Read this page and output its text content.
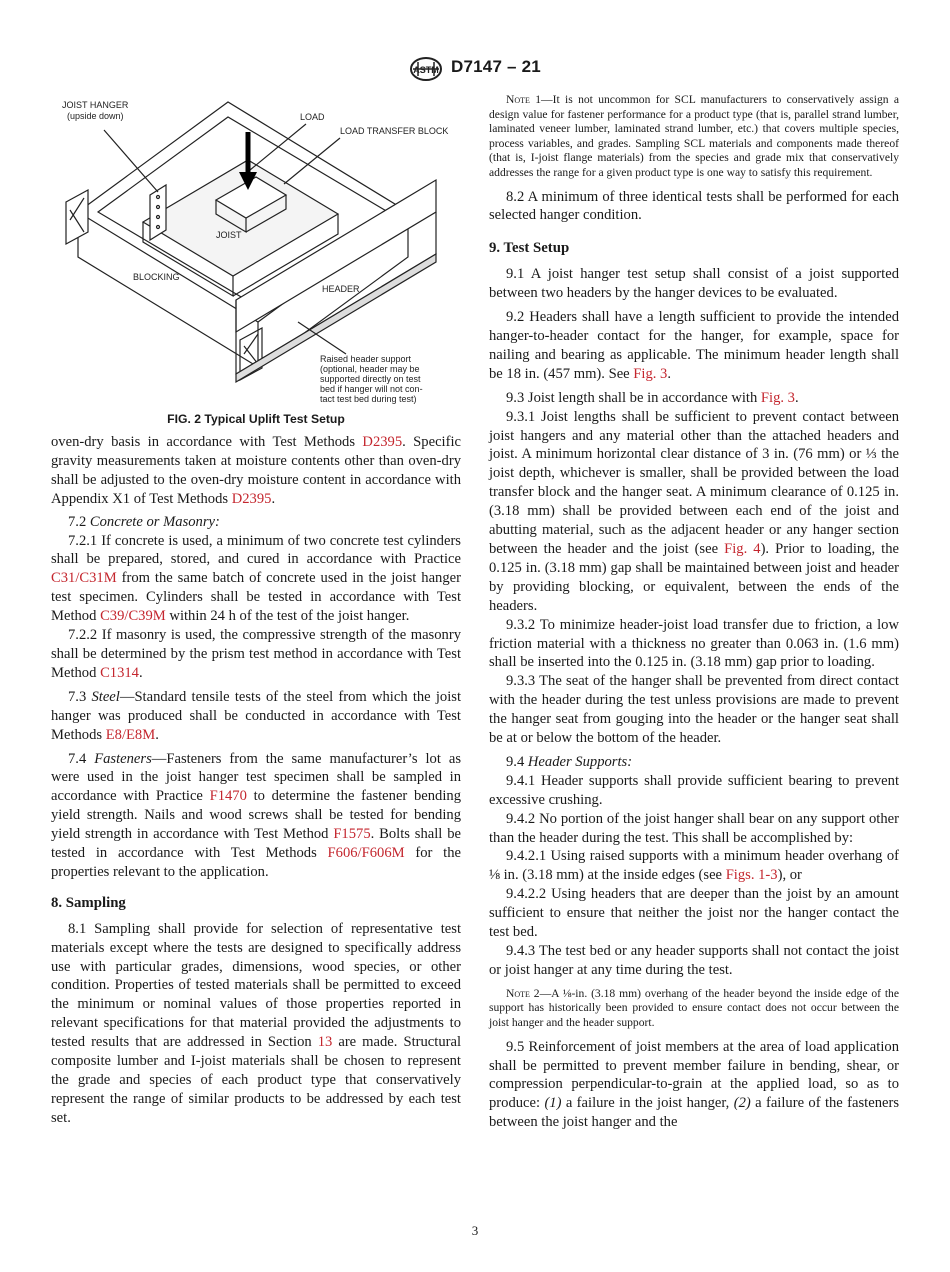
ASTM D7147 – 21
JOIST HANGER
(upside down)	LOAD
LOAD TRANSFER BLOCK
JOIST
BLOCKING
HEADER
Raised header support
(optional, header may be
supported directly on test
bed if hanger will not con-
tact test bed during test)
FIG. 2 Typical Uplift Test Setup

oven-dry basis in accordance with Test Methods D2395. Specific gravity measurements taken at moisture contents other than oven-dry shall be adjusted to the oven-dry moisture content in accordance with Appendix X1 of Test Methods D2395.

7.2 Concrete or Masonry:

7.2.1 If concrete is used, a minimum of two concrete test cylinders shall be prepared, stored, and cured in accordance with Practice C31/C31M from the same batch of concrete used in the joist hanger test specimen. Cylinders shall be tested in accordance with Test Method C39/C39M within 24 h of the test of the joist hanger.

7.2.2 If masonry is used, the compressive strength of the masonry shall be determined by the prism test method in accordance with Test Method C1314.

7.3 Steel—Standard tensile tests of the steel from which the joist hanger was produced shall be conducted in accordance with Test Methods E8/E8M.

7.4 Fasteners—Fasteners from the same manufacturer’s lot as were used in the joist hanger test specimen shall be sampled in accordance with Practice F1470 to determine the fastener bending yield strength. Nails and wood screws shall be tested for bending yield strength in accordance with Test Method F1575. Bolts shall be tested in accordance with Test Methods F606/F606M for the properties relevant to the application.

8. Sampling

8.1 Sampling shall provide for selection of representative test materials except where the tests are designed to specifically address use with particular grades, dimensions, wood species, or other condition. Properties of tested materials shall be permitted to exceed the minimum or nominal values of those properties reported in relevant specifications for that material provided the adjustments to tested results that are addressed in Section 13 are made. Structural composite lumber and I-joist materials shall be chosen to represent the grade and species of each product type that conservatively represent the range of similar products to be addressed by each test set.

Note 1—It is not uncommon for SCL manufacturers to conservatively assign a design value for fastener performance for a product type (that is, parallel strand lumber, laminated veneer lumber, laminated strand lumber, etc.) that covers multiple species, process variables, and grades. Sampling SCL materials and components made thereof (that is, I-joist flange materials) from the species and grade mix that conservatively addresses the range for a given product type is one way to satisfy this requirement.

8.2 A minimum of three identical tests shall be performed for each selected hanger condition.

9. Test Setup

9.1 A joist hanger test setup shall consist of a joist supported between two headers by the hanger devices to be evaluated.

9.2 Headers shall have a length sufficient to provide the intended hanger-to-header contact for the hanger, for example, space for nailing and bearing as applicable. The minimum header length shall be 18 in. (457 mm). See Fig. 3.

9.3 Joist length shall be in accordance with Fig. 3.

9.3.1 Joist lengths shall be sufficient to prevent contact between joist hangers and any material other than the attached headers and joist. A minimum horizontal clear distance of 3 in. (76 mm) or ⅓ the joist depth, whichever is smaller, shall be provided between the load transfer block and the hanger seat. A minimum clearance of 0.125 in. (3.18 mm) shall be provided between each end of the joist and abutting material, such as the adjacent header or any hanger section between the header and the joist (see Fig. 4). Prior to loading, the 0.125 in. (3.18 mm) gap shall be maintained between joist and header by providing blocking, or equivalent, between the ends of the headers.

9.3.2 To minimize header-joist load transfer due to friction, a low friction material with a thickness no greater than 0.063 in. (1.6 mm) shall be inserted into the 0.125 in. (3.18 mm) gap prior to loading.

9.3.3 The seat of the hanger shall be prevented from direct contact with the header during the test unless provisions are made to prevent the hanger seat from gouging into the header or the hanger seat shall be at or below the bottom of the header.

9.4 Header Supports:

9.4.1 Header supports shall provide sufficient bearing to prevent excessive crushing.

9.4.2 No portion of the joist hanger shall bear on any support other than the header during the test. This shall be accomplished by:

9.4.2.1 Using raised supports with a minimum header overhang of ⅛ in. (3.18 mm) at the inside edges (see Figs. 1-3), or

9.4.2.2 Using headers that are deeper than the joist by an amount sufficient to ensure that neither the joist nor the hanger contact the test bed.

9.4.3 The test bed or any header supports shall not contact the joist or joist hanger at any time during the test.

Note 2—A ⅛-in. (3.18 mm) overhang of the header beyond the inside edge of the support has historically been provided to ensure contact does not occur between the joist hanger and the header support.

9.5 Reinforcement of joist members at the area of load application shall be permitted to prevent member failure in bending, shear, or compression perpendicular-to-grain at the applied load, so as to produce: (1) a failure in the joist hanger, (2) a failure of the fasteners between the joist hanger and the

3
